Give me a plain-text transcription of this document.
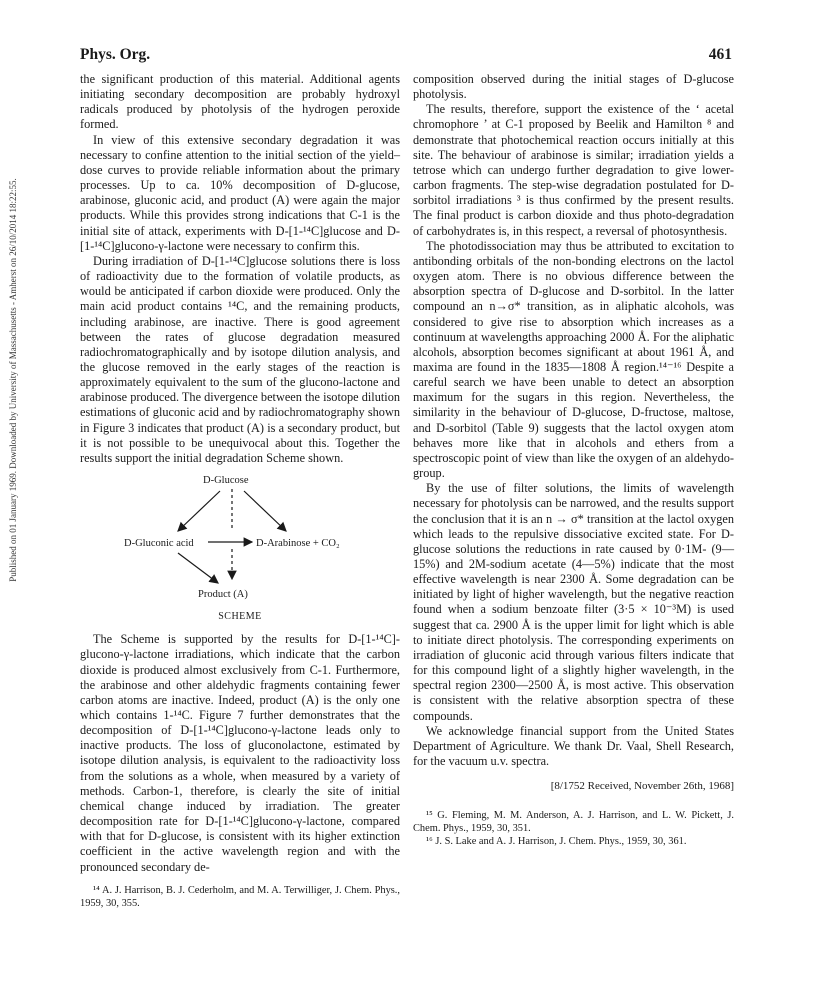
Published on 01 January 1969. Downloaded by University of Massachusetts - Amherst on 26/10/2014 18:22:55.
Phys. Org.	461

the significant production of this material. Additional agents initiating secondary decomposition are probably hydroxyl radicals produced by photolysis of the hydrogen peroxide formed.

In view of this extensive secondary degradation it was necessary to confine attention to the initial section of the yield–dose curves to provide reliable information about the primary processes. Up to ca. 10% decomposition of D-glucose, arabinose, gluconic acid, and product (A) were again the major products. While this provides strong indications that C-1 is the initial site of attack, experiments with D-[1-¹⁴C]glucose and D-[1-¹⁴C]glucono-γ-lactone were necessary to confirm this.

During irradiation of D-[1-¹⁴C]glucose solutions there is loss of radioactivity due to the formation of volatile products, as would be anticipated if carbon dioxide were produced. Only the main acid product contains ¹⁴C, and the remaining products, including arabinose, are inactive. There is good agreement between the rates of glucose degradation measured radiochromatographically and by isotope dilution analysis, and the glucose removed in the early stages of the reaction is approximately equivalent to the sum of the glucono-lactone and arabinose produced. The divergence between the isotope dilution estimations of gluconic acid and by radiochromatography shown in Figure 3 indicates that product (A) is a secondary product, but it is not possible to be unequivocal about this. Together the results support the initial degradation Scheme shown.

D-Glucose
D-Gluconic acid	D-Arabinose + CO₂
Product (A)
SCHEME

The Scheme is supported by the results for D-[1-¹⁴C]-glucono-γ-lactone irradiations, which indicate that the carbon dioxide is produced almost exclusively from C-1. Furthermore, the arabinose and other aldehydic fragments containing fewer carbon atoms are inactive. Indeed, product (A) is the only one which contains 1-¹⁴C. Figure 7 further demonstrates that the decomposition of D-[1-¹⁴C]glucono-γ-lactone leads only to inactive products. The loss of gluconolactone, estimated by isotope dilution analysis, is equivalent to the radioactivity loss from the solutions as a whole, when measured by a variety of methods. Carbon-1, therefore, is clearly the site of initial chemical change induced by irradiation. The greater decomposition rate for D-[1-¹⁴C]glucono-γ-lactone, compared with that for D-glucose, is consistent with its higher extinction coefficient in the active wavelength region and with the pronounced secondary de-

¹⁴ A. J. Harrison, B. J. Cederholm, and M. A. Terwilliger, J. Chem. Phys., 1959, 30, 355.

composition observed during the initial stages of D-glucose photolysis.

The results, therefore, support the existence of the ‘ acetal chromophore ’ at C-1 proposed by Beelik and Hamilton ⁸ and demonstrate that photochemical reaction occurs initially at this site. The behaviour of arabinose is similar; irradiation yields a tetrose which can undergo further degradation to give lower-carbon fragments. The step-wise degradation postulated for D-sorbitol irradiations ³ is thus confirmed by the present results. The final product is carbon dioxide and thus photo-degradation of carbohydrates is, in this respect, a reversal of photosynthesis.

The photodissociation may thus be attributed to excitation to antibonding orbitals of the non-bonding electrons on the lactol oxygen atom. There is no obvious difference between the absorption spectra of D-glucose and D-sorbitol. In the latter compound an n→σ* transition, as in aliphatic alcohols, was considered to give rise to absorption which increases as a continuum at wavelengths approaching 2000 Å. For the aliphatic alcohols, absorption becomes significant at about 1961 Å, and maxima are found in the 1835—1808 Å region.¹⁴⁻¹⁶ Despite a careful search we have been unable to detect an absorption maximum for the sugars in this region. Nevertheless, the similarity in the behaviour of D-glucose, D-fructose, maltose, and D-sorbitol (Table 9) suggests that the lactol oxygen atom behaves more like that in alcohols and ethers from a spectroscopic point of view than like the oxygen of an aldehydo-group.

By the use of filter solutions, the limits of wavelength necessary for photolysis can be narrowed, and the results support the conclusion that it is an n → σ* transition at the lactol oxygen which leads to the repulsive dissociative excited state. For D-glucose solutions the reductions in rate caused by 0·1M- (9—15%) and 2M-sodium acetate (4—5%) indicate that the most effective wavelength is near 2300 Å. Some degradation can be initiated by light of higher wavelength, but the negative reaction found when a sodium benzoate filter (3·5 × 10⁻³M) is used suggest that ca. 2900 Å is the upper limit for light which is able to initiate direct photolysis. The corresponding experiments on irradiation of gluconic acid through various filters indicate that for this compound light of a slightly higher wavelength, in the spectral region 2300—2500 Å, is most active. This observation is consistent with the relative absorption spectra of these compounds.

We acknowledge financial support from the United States Department of Agriculture. We thank Dr. Vaal, Shell Research, for the vacuum u.v. spectra.

[8/1752 Received, November 26th, 1968]

¹⁵ G. Fleming, M. M. Anderson, A. J. Harrison, and L. W. Pickett, J. Chem. Phys., 1959, 30, 351.

¹⁶ J. S. Lake and A. J. Harrison, J. Chem. Phys., 1959, 30, 361.
